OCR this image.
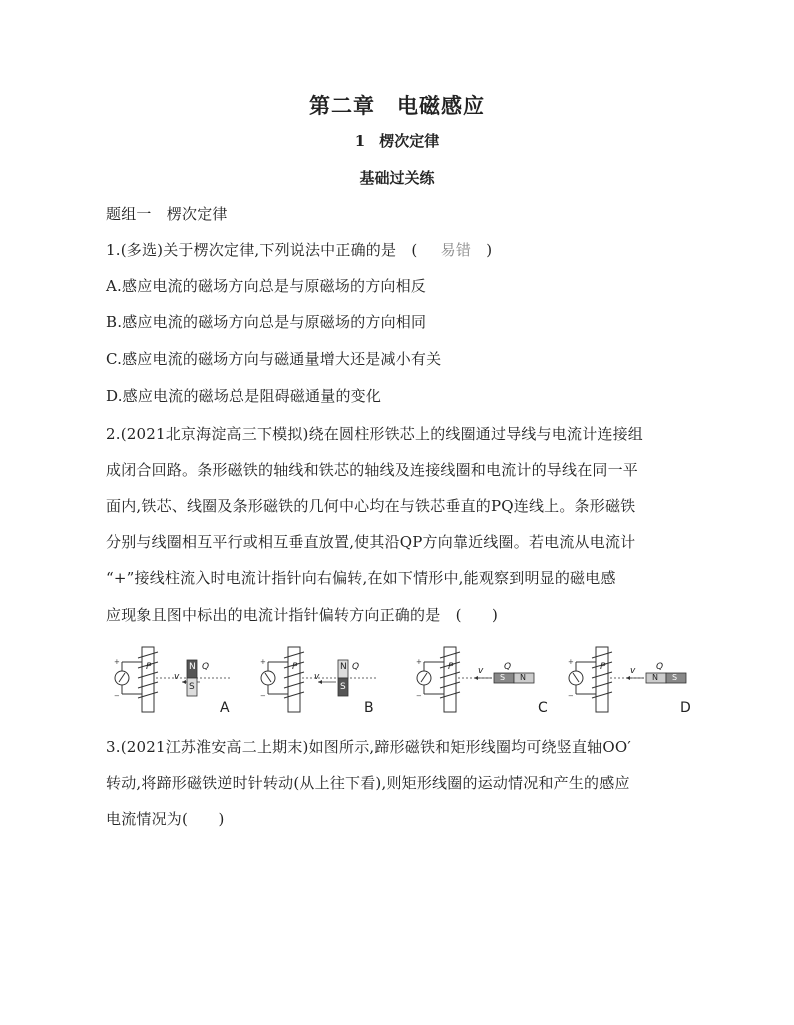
第二章　电磁感应
1 楞次定律
基础过关练
题组一　楞次定律
1.(多选)关于楞次定律,下列说法中正确的是　(　易错　)
A.感应电流的磁场方向总是与原磁场的方向相反
B.感应电流的磁场方向总是与原磁场的方向相同
C.感应电流的磁场方向与磁通量增大还是减小有关
D.感应电流的磁场总是阻碍磁通量的变化
2.(2021北京海淀高三下模拟)绕在圆柱形铁芯上的线圈通过导线与电流计连接组
成闭合回路。条形磁铁的轴线和铁芯的轴线及连接线圈和电流计的导线在同一平
面内,铁芯、线圈及条形磁铁的几何中心均在与铁芯垂直的PQ连线上。条形磁铁
分别与线圈相互平行或相互垂直放置,使其沿QP方向靠近线圈。若电流从电流计
“+”接线柱流入时电流计指针向右偏转,在如下情形中,能观察到明显的磁电感
应现象且图中标出的电流计指针偏转方向正确的是　(　　)
+
−
P	Q
v
N
S
A
+
−
P	Q
v
N
S
B
+
−
P	Q
v
S N
C
+
−
P	Q
v
N S
D
3.(2021江苏淮安高二上期末)如图所示,蹄形磁铁和矩形线圈均可绕竖直轴OO′
转动,将蹄形磁铁逆时针转动(从上往下看),则矩形线圈的运动情况和产生的感应
电流情况为(　　)
